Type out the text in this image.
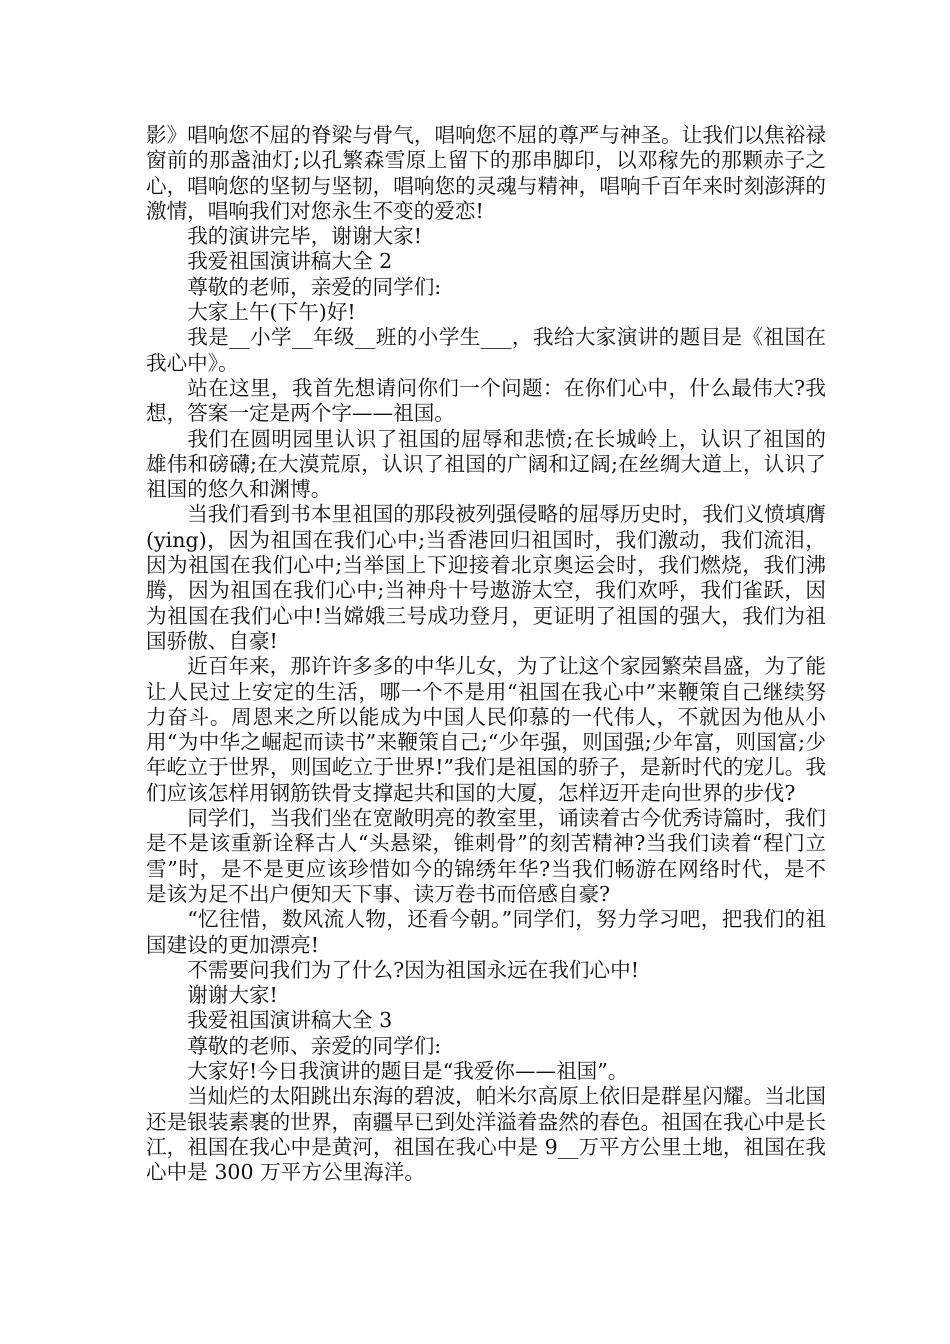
影》唱响您不屈的脊梁与骨气，唱响您不屈的尊严与神圣。让我们以焦裕禄窗前的那盏油灯;以孔繁森雪原上留下的那串脚印，以邓稼先的那颗赤子之心，唱响您的坚韧与坚韧，唱响您的灵魂与精神，唱响千百年来时刻澎湃的激情，唱响我们对您永生不变的爱恋!

我的演讲完毕，谢谢大家!

我爱祖国演讲稿大全 2

尊敬的老师，亲爱的同学们:

大家上午(下午)好!

我是__小学__年级__班的小学生___，我给大家演讲的题目是《祖国在我心中》。

站在这里，我首先想请问你们一个问题：在你们心中，什么最伟大?我想，答案一定是两个字——祖国。

我们在圆明园里认识了祖国的屈辱和悲愤;在长城岭上，认识了祖国的雄伟和磅礴;在大漠荒原，认识了祖国的广阔和辽阔;在丝绸大道上，认识了祖国的悠久和渊博。

当我们看到书本里祖国的那段被列强侵略的屈辱历史时，我们义愤填膺(ying)，因为祖国在我们心中;当香港回归祖国时，我们激动，我们流泪，因为祖国在我们心中;当举国上下迎接着北京奥运会时，我们燃烧，我们沸腾，因为祖国在我们心中;当神舟十号遨游太空，我们欢呼，我们雀跃，因为祖国在我们心中!当嫦娥三号成功登月，更证明了祖国的强大，我们为祖国骄傲、自豪!

近百年来，那许许多多的中华儿女，为了让这个家园繁荣昌盛，为了能让人民过上安定的生活，哪一个不是用“祖国在我心中”来鞭策自己继续努力奋斗。周恩来之所以能成为中国人民仰慕的一代伟人，不就因为他从小用“为中华之崛起而读书”来鞭策自己;“少年强，则国强;少年富，则国富;少年屹立于世界，则国屹立于世界!”我们是祖国的骄子，是新时代的宠儿。我们应该怎样用钢筋铁骨支撑起共和国的大厦，怎样迈开走向世界的步伐?

同学们，当我们坐在宽敞明亮的教室里，诵读着古今优秀诗篇时，我们是不是该重新诠释古人“头悬梁，锥刺骨”的刻苦精神?当我们读着“程门立雪”时，是不是更应该珍惜如今的锦绣年华?当我们畅游在网络时代，是不是该为足不出户便知天下事、读万卷书而倍感自豪?

“忆往惜，数风流人物，还看今朝。”同学们，努力学习吧，把我们的祖国建设的更加漂亮!

不需要问我们为了什么?因为祖国永远在我们心中!

谢谢大家!

我爱祖国演讲稿大全 3

尊敬的老师、亲爱的同学们:

大家好!今日我演讲的题目是“我爱你——祖国”。

当灿烂的太阳跳出东海的碧波，帕米尔高原上依旧是群星闪耀。当北国还是银装素裹的世界，南疆早已到处洋溢着盎然的春色。祖国在我心中是长江，祖国在我心中是黄河，祖国在我心中是 9__万平方公里土地，祖国在我心中是 300 万平方公里海洋。
